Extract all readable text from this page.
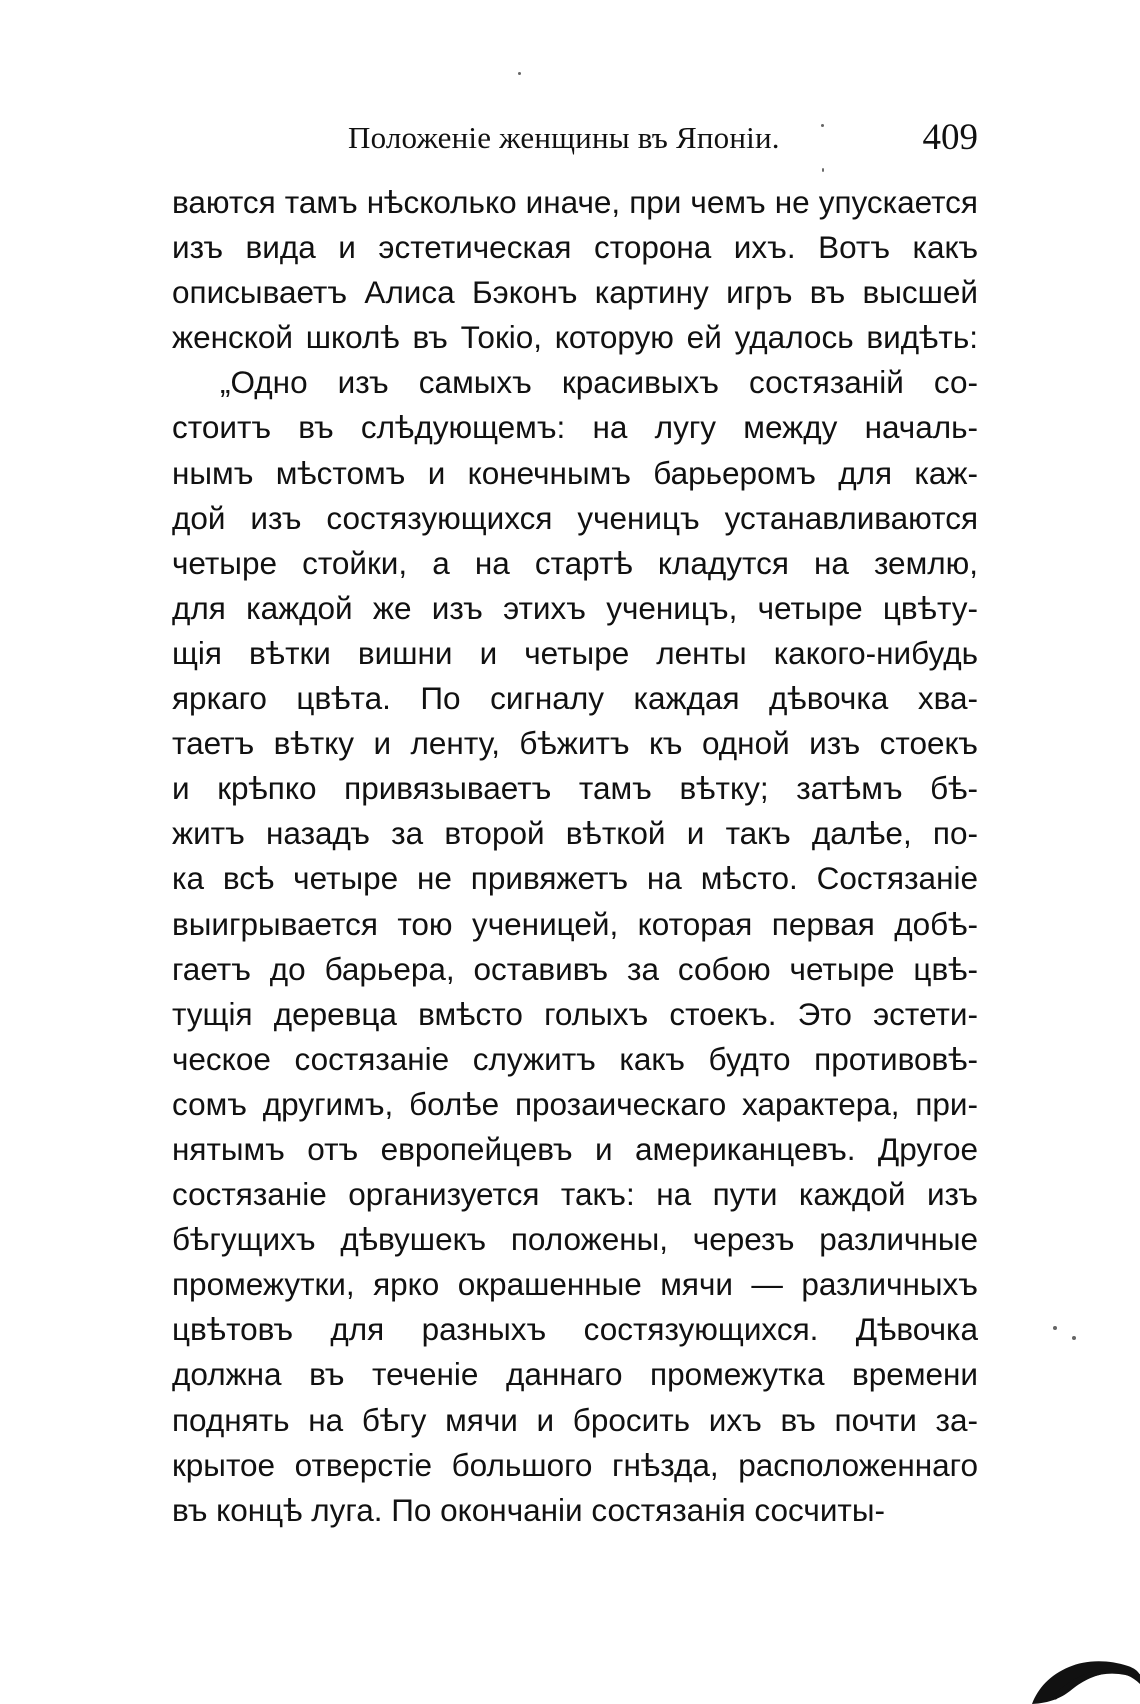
Положеніе женщины въ Японіи.	409
ваются тамъ нѣсколько иначе, при чемъ не упускается
изъ вида и эстетическая сторона ихъ. Вотъ какъ
описываетъ Алиса Бэконъ картину игръ въ высшей
женской школѣ въ Токіо, которую ей удалось видѣть:
„Одно изъ самыхъ красивыхъ состязаній со-
стоитъ въ слѣдующемъ: на лугу между началь-
нымъ мѣстомъ и конечнымъ барьеромъ для каж-
дой изъ состязующихся ученицъ устанавливаются
четыре стойки, а на стартѣ кладутся на землю,
для каждой же изъ этихъ ученицъ, четыре цвѣту-
щія вѣтки вишни и четыре ленты какого-нибудь
яркаго цвѣта. По сигналу каждая дѣвочка хва-
таетъ вѣтку и ленту, бѣжитъ къ одной изъ стоекъ
и крѣпко привязываетъ тамъ вѣтку; затѣмъ бѣ-
житъ назадъ за второй вѣткой и такъ далѣе, по-
ка всѣ четыре не привяжетъ на мѣсто. Состязаніе
выигрывается тою ученицей, которая первая добѣ-
гаетъ до барьера, оставивъ за собою четыре цвѣ-
тущія деревца вмѣсто голыхъ стоекъ. Это эстети-
ческое состязаніе служитъ какъ будто противовѣ-
сомъ другимъ, болѣе прозаическаго характера, при-
нятымъ отъ европейцевъ и американцевъ. Другое
состязаніе организуется такъ: на пути каждой изъ
бѣгущихъ дѣвушекъ положены, черезъ различные
промежутки, ярко окрашенные мячи — различныхъ
цвѣтовъ для разныхъ состязующихся. Дѣвочка
должна въ теченіе даннаго промежутка времени
поднять на бѣгу мячи и бросить ихъ въ почти за-
крытое отверстіе большого гнѣзда, расположеннаго
въ концѣ луга. По окончаніи состязанія сосчиты-
